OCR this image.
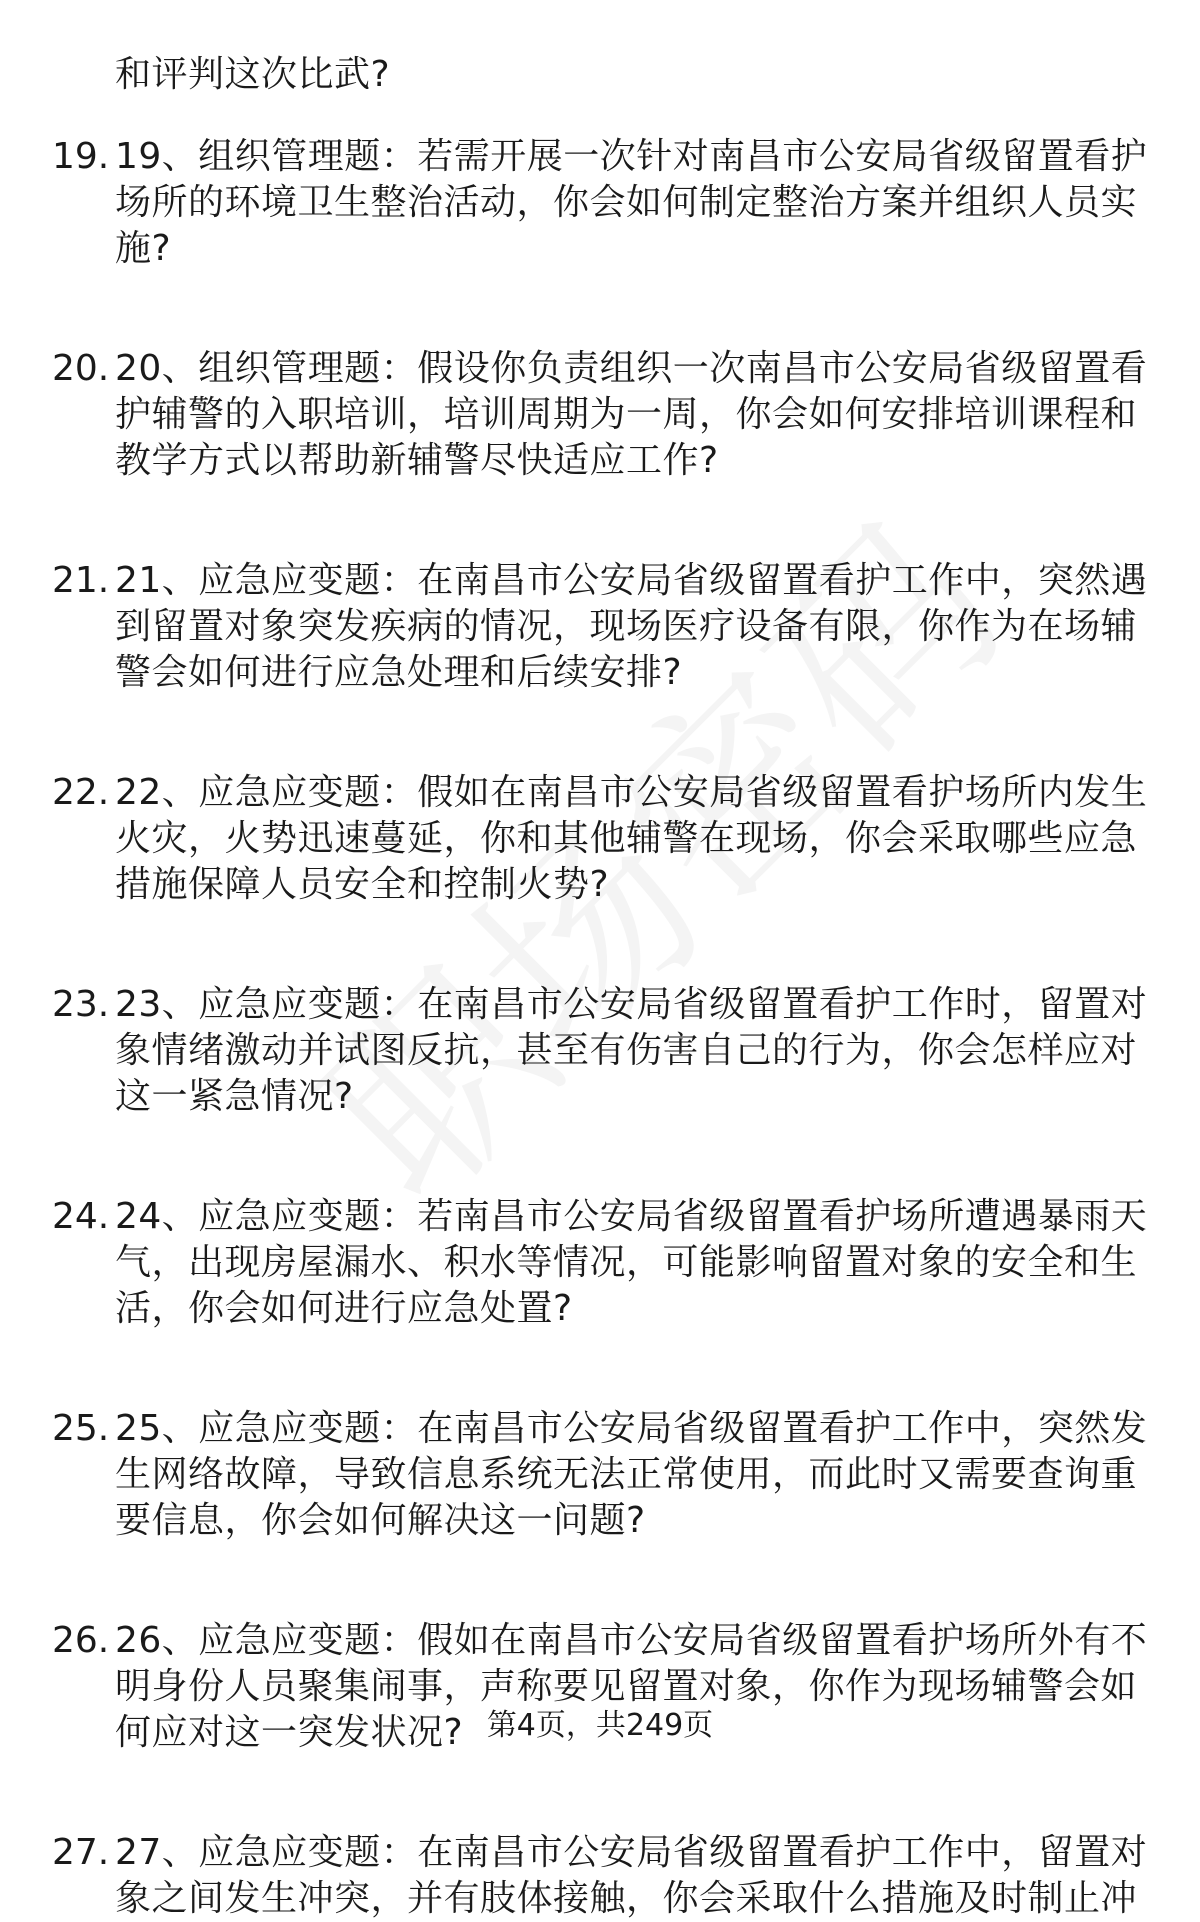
和评判这次比武?
19. 19、组织管理题：若需开展一次针对南昌市公安局省级留置看护
场所的环境卫生整治活动，你会如何制定整治方案并组织人员实
施?
20. 20、组织管理题：假设你负责组织一次南昌市公安局省级留置看
护辅警的入职培训，培训周期为一周，你会如何安排培训课程和
教学方式以帮助新辅警尽快适应工作?
21. 21、应急应变题：在南昌市公安局省级留置看护工作中，突然遇
到留置对象突发疾病的情况，现场医疗设备有限，你作为在场辅
警会如何进行应急处理和后续安排?
22. 22、应急应变题：假如在南昌市公安局省级留置看护场所内发生
火灾，火势迅速蔓延，你和其他辅警在现场，你会采取哪些应急
措施保障人员安全和控制火势?
23. 23、应急应变题：在南昌市公安局省级留置看护工作时，留置对
象情绪激动并试图反抗，甚至有伤害自己的行为，你会怎样应对
这一紧急情况?
24. 24、应急应变题：若南昌市公安局省级留置看护场所遭遇暴雨天
气，出现房屋漏水、积水等情况，可能影响留置对象的安全和生
活，你会如何进行应急处置?
25. 25、应急应变题：在南昌市公安局省级留置看护工作中，突然发
生网络故障，导致信息系统无法正常使用，而此时又需要查询重
要信息，你会如何解决这一问题?
26. 26、应急应变题：假如在南昌市公安局省级留置看护场所外有不
明身份人员聚集闹事，声称要见留置对象，你作为现场辅警会如
何应对这一突发状况?
27. 27、应急应变题：在南昌市公安局省级留置看护工作中，留置对
象之间发生冲突，并有肢体接触，你会采取什么措施及时制止冲
第4页，共249页
